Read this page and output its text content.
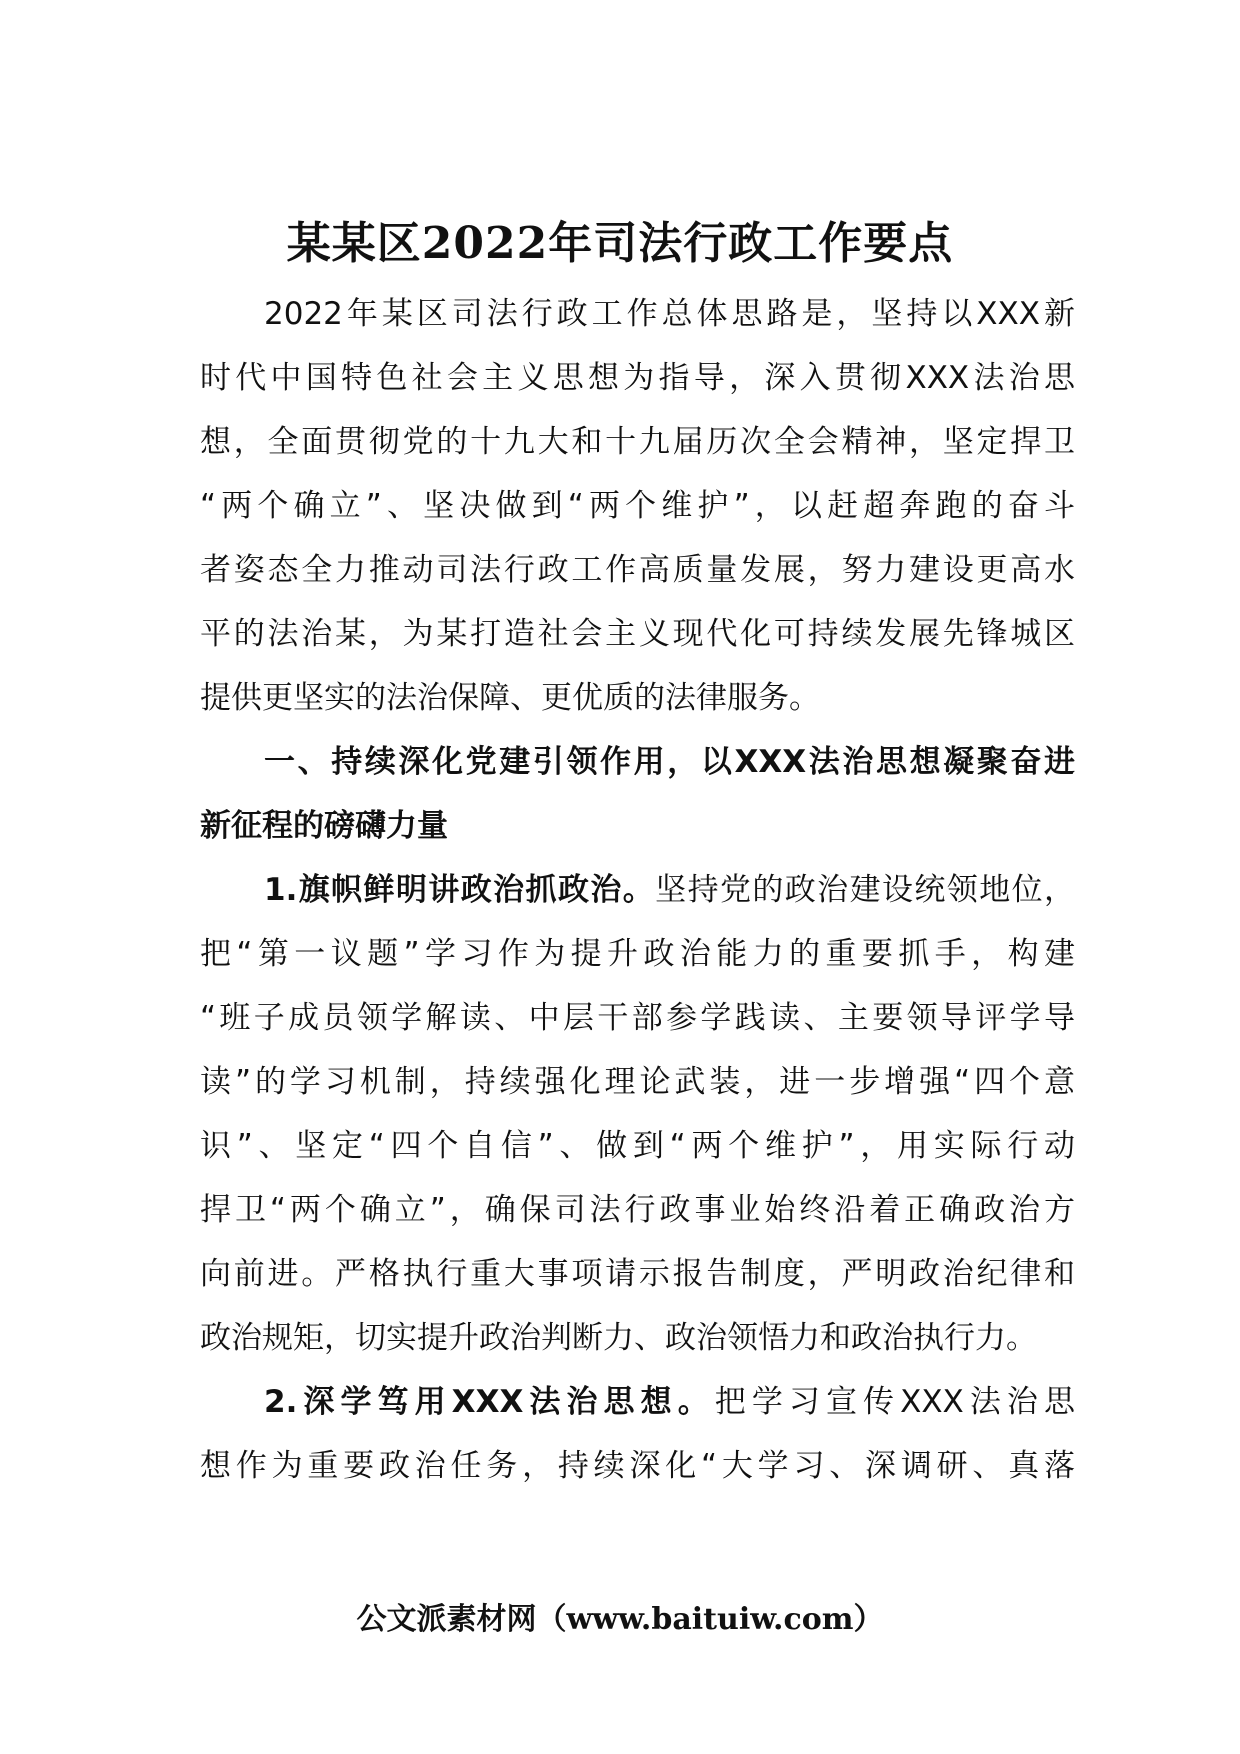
某某区2022年司法行政工作要点
2022年某区司法行政工作总体思路是，坚持以XXX新
时代中国特色社会主义思想为指导，深入贯彻XXX法治思
想，全面贯彻党的十九大和十九届历次全会精神，坚定捍卫
“两个确立”、坚决做到“两个维护”，以赶超奔跑的奋斗
者姿态全力推动司法行政工作高质量发展，努力建设更高水
平的法治某，为某打造社会主义现代化可持续发展先锋城区
提供更坚实的法治保障、更优质的法律服务。
一、持续深化党建引领作用，以XXX法治思想凝聚奋进
新征程的磅礴力量
1.旗帜鲜明讲政治抓政治。坚持党的政治建设统领地位，
把“第一议题”学习作为提升政治能力的重要抓手，构建
“班子成员领学解读、中层干部参学践读、主要领导评学导
读”的学习机制，持续强化理论武装，进一步增强“四个意
识”、坚定“四个自信”、做到“两个维护”，用实际行动
捍卫“两个确立”，确保司法行政事业始终沿着正确政治方
向前进。严格执行重大事项请示报告制度，严明政治纪律和
政治规矩，切实提升政治判断力、政治领悟力和政治执行力。
2.深学笃用XXX法治思想。把学习宣传XXX法治思
想作为重要政治任务，持续深化“大学习、深调研、真落
公文派素材网（www.baituiw.com）
